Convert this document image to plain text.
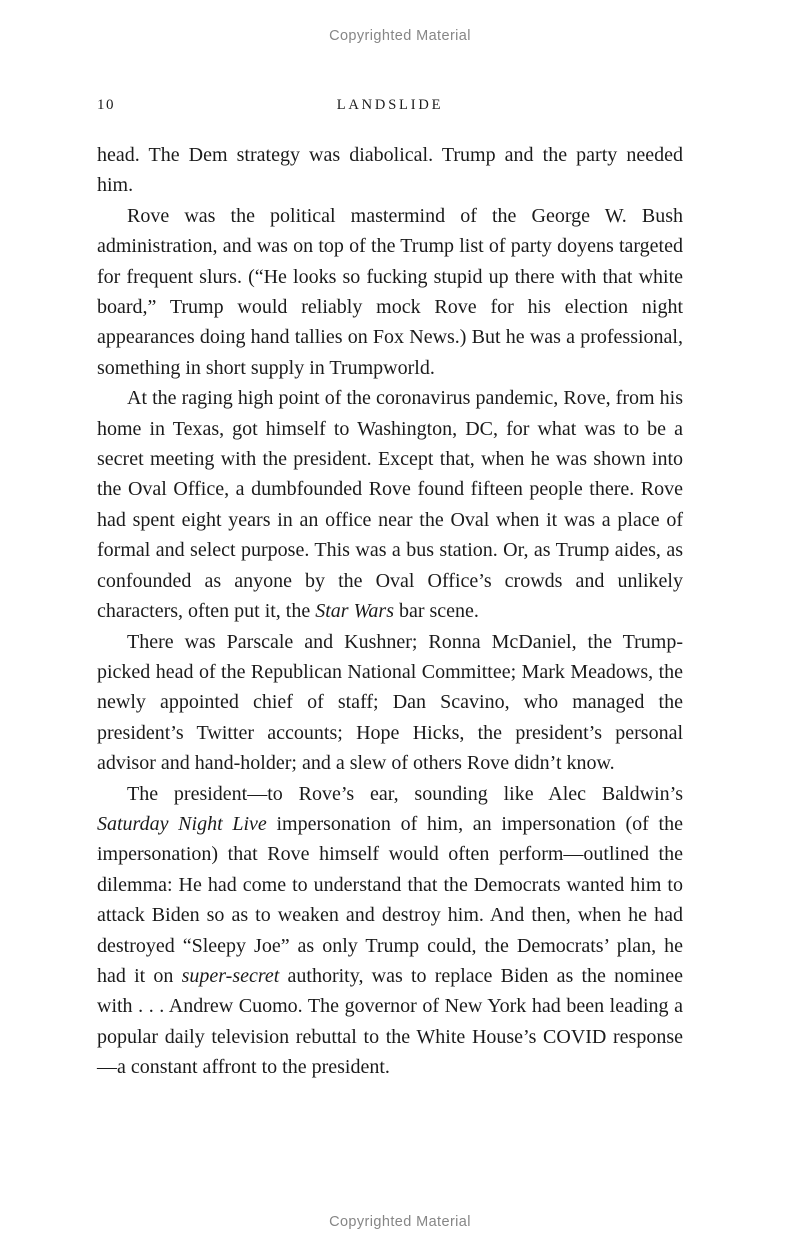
Copyrighted Material
10	LANDSLIDE

head. The Dem strategy was diabolical. Trump and the party needed him.

Rove was the political mastermind of the George W. Bush administration, and was on top of the Trump list of party doyens targeted for frequent slurs. (“He looks so fucking stupid up there with that white board,” Trump would reliably mock Rove for his election night appearances doing hand tallies on Fox News.) But he was a professional, something in short supply in Trumpworld.

At the raging high point of the coronavirus pandemic, Rove, from his home in Texas, got himself to Washington, DC, for what was to be a secret meeting with the president. Except that, when he was shown into the Oval Office, a dumbfounded Rove found fifteen people there. Rove had spent eight years in an office near the Oval when it was a place of formal and select purpose. This was a bus station. Or, as Trump aides, as confounded as anyone by the Oval Office’s crowds and unlikely characters, often put it, the Star Wars bar scene.

There was Parscale and Kushner; Ronna McDaniel, the Trump-picked head of the Republican National Committee; Mark Meadows, the newly appointed chief of staff; Dan Scavino, who managed the president’s Twitter accounts; Hope Hicks, the president’s personal advisor and hand-holder; and a slew of others Rove didn’t know.

The president—to Rove’s ear, sounding like Alec Baldwin’s Saturday Night Live impersonation of him, an impersonation (of the impersonation) that Rove himself would often perform—outlined the dilemma: He had come to understand that the Democrats wanted him to attack Biden so as to weaken and destroy him. And then, when he had destroyed “Sleepy Joe” as only Trump could, the Democrats’ plan, he had it on super-secret authority, was to replace Biden as the nominee with . . . Andrew Cuomo. The governor of New York had been leading a popular daily television rebuttal to the White House’s COVID response—a constant affront to the president.

Copyrighted Material
